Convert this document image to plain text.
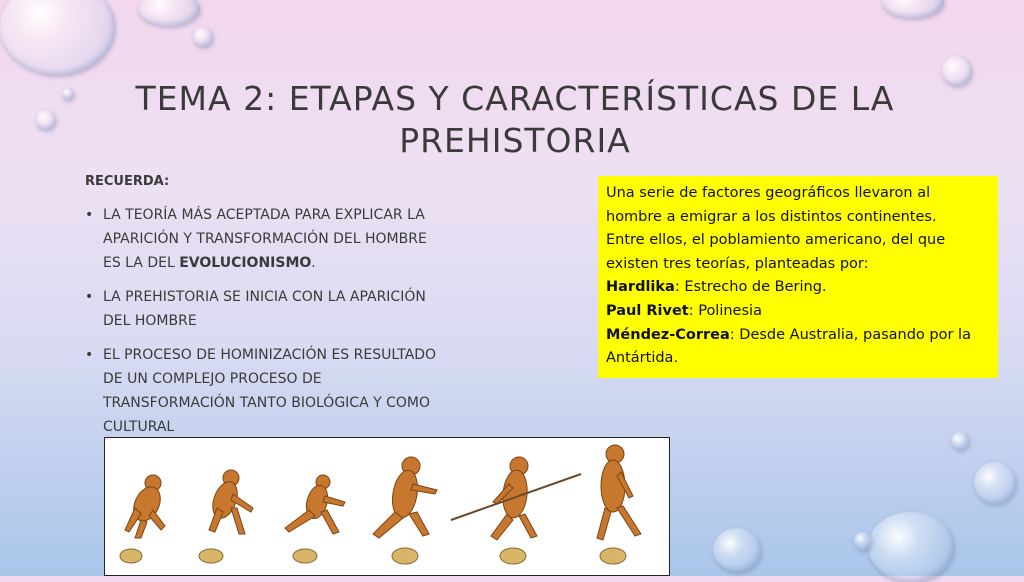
TEMA 2: ETAPAS Y CARACTERÍSTICAS DE LA PREHISTORIA
RECUERDA:
• LA TEORÍA MÁS ACEPTADA PARA EXPLICAR LA APARICIÓN Y TRANSFORMACIÓN DEL HOMBRE ES LA DEL EVOLUCIONISMO.
• LA PREHISTORIA SE INICIA CON LA APARICIÓN DEL HOMBRE
• EL PROCESO DE HOMINIZACIÓN ES RESULTADO DE UN COMPLEJO PROCESO DE TRANSFORMACIÓN TANTO BIOLÓGICA Y COMO CULTURAL
Una serie de factores geográficos llevaron al
hombre a emigrar a los distintos continentes.
Entre ellos, el poblamiento americano, del que
existen tres teorías, planteadas por:
Hardlika: Estrecho de Bering.
Paul Rivet: Polinesia
Méndez-Correa: Desde Australia, pasando por la
Antártida.
